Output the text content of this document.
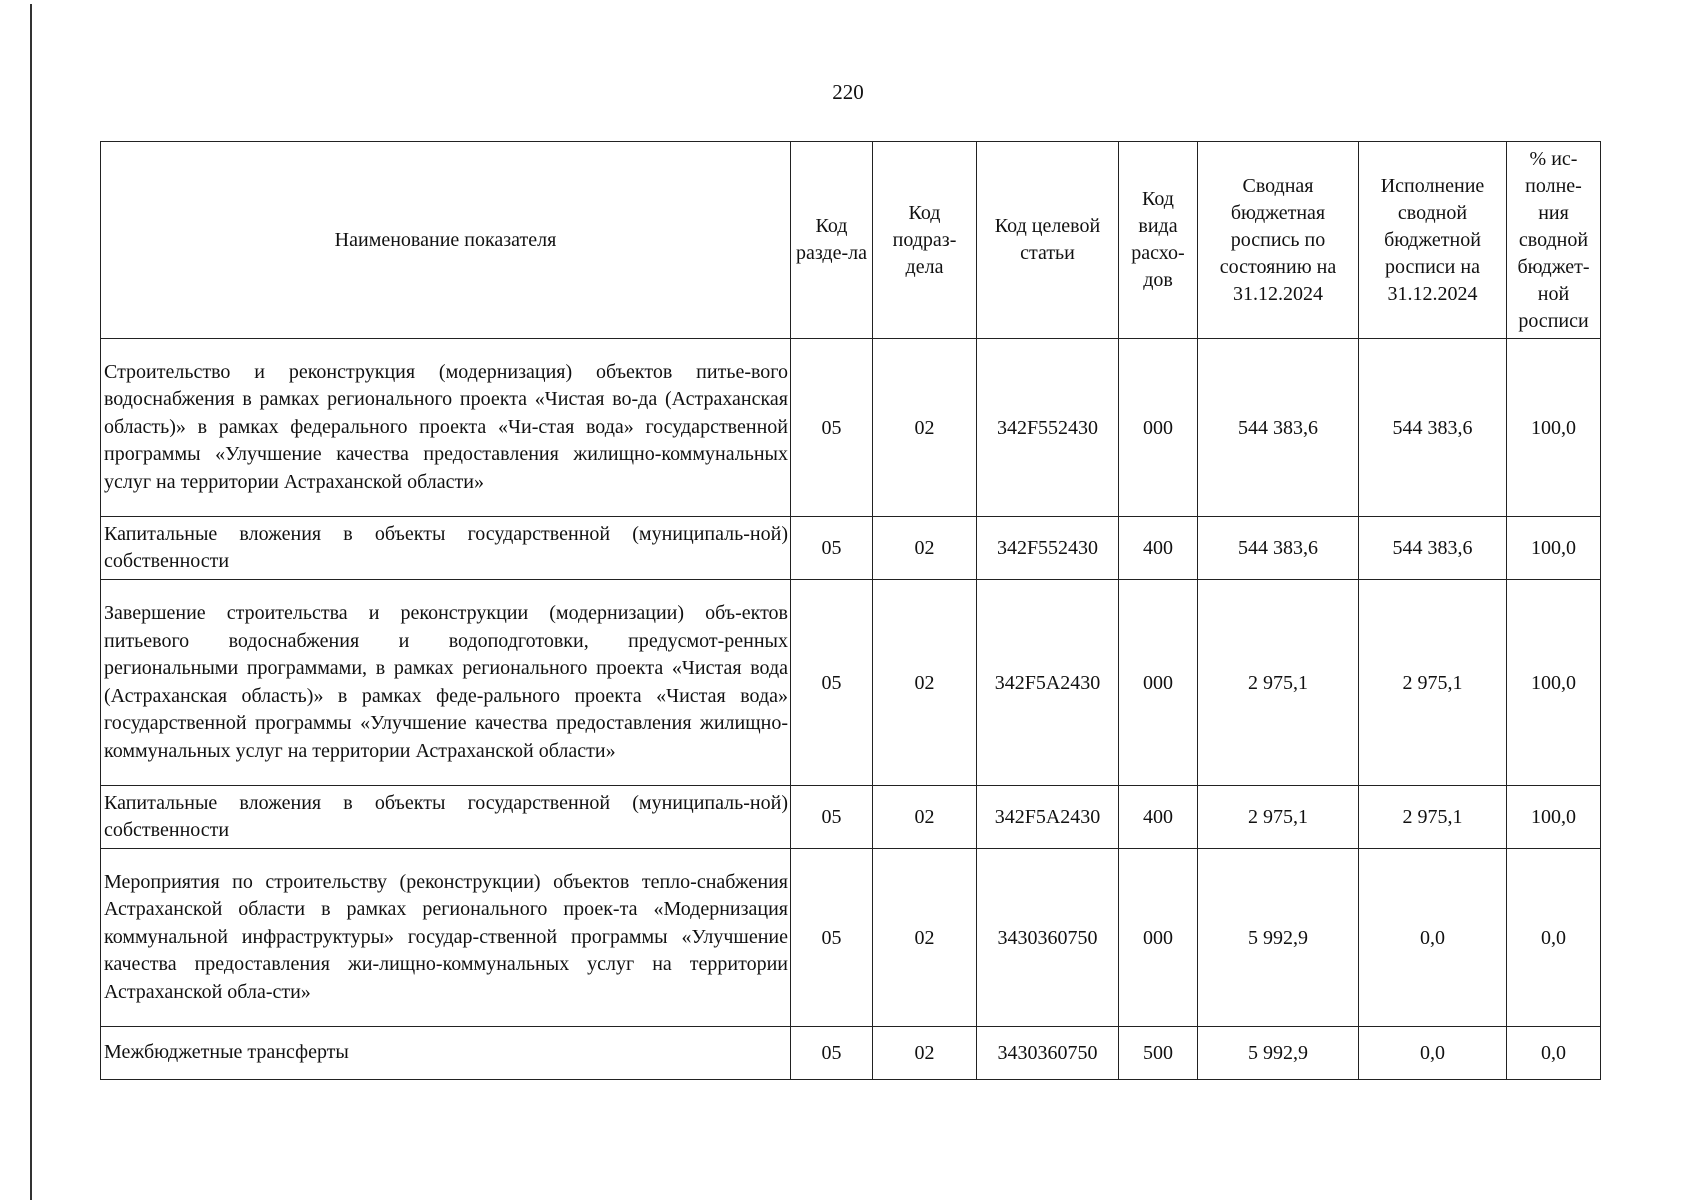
220
Наименование показателя	Код разде-ла	Код подраз-дела	Код целевой статьи	Код вида расхо-дов	Сводная бюджетная роспись по состоянию на 31.12.2024	Исполнение сводной бюджетной росписи на 31.12.2024	% ис-полне-ния сводной бюджет-ной росписи
Строительство и реконструкция (модернизация) объектов питье-вого водоснабжения в рамках регионального проекта «Чистая во-да (Астраханская область)» в рамках федерального проекта «Чи-стая вода» государственной программы «Улучшение качества предоставления жилищно-коммунальных услуг на территории Астраханской области»	05	02	342F552430	000	544 383,6	544 383,6	100,0
Капитальные вложения в объекты государственной (муниципаль-ной) собственности	05	02	342F552430	400	544 383,6	544 383,6	100,0
Завершение строительства и реконструкции (модернизации) объ-ектов питьевого водоснабжения и водоподготовки, предусмот-ренных региональными программами, в рамках регионального проекта «Чистая вода (Астраханская область)» в рамках феде-рального проекта «Чистая вода» государственной программы «Улучшение качества предоставления жилищно-коммунальных услуг на территории Астраханской области»	05	02	342F5A2430	000	2 975,1	2 975,1	100,0
Капитальные вложения в объекты государственной (муниципаль-ной) собственности	05	02	342F5A2430	400	2 975,1	2 975,1	100,0
Мероприятия по строительству (реконструкции) объектов тепло-снабжения Астраханской области в рамках регионального проек-та «Модернизация коммунальной инфраструктуры» государ-ственной программы «Улучшение качества предоставления жи-лищно-коммунальных услуг на территории Астраханской обла-сти»	05	02	3430360750	000	5 992,9	0,0	0,0
Межбюджетные трансферты	05	02	3430360750	500	5 992,9	0,0	0,0
